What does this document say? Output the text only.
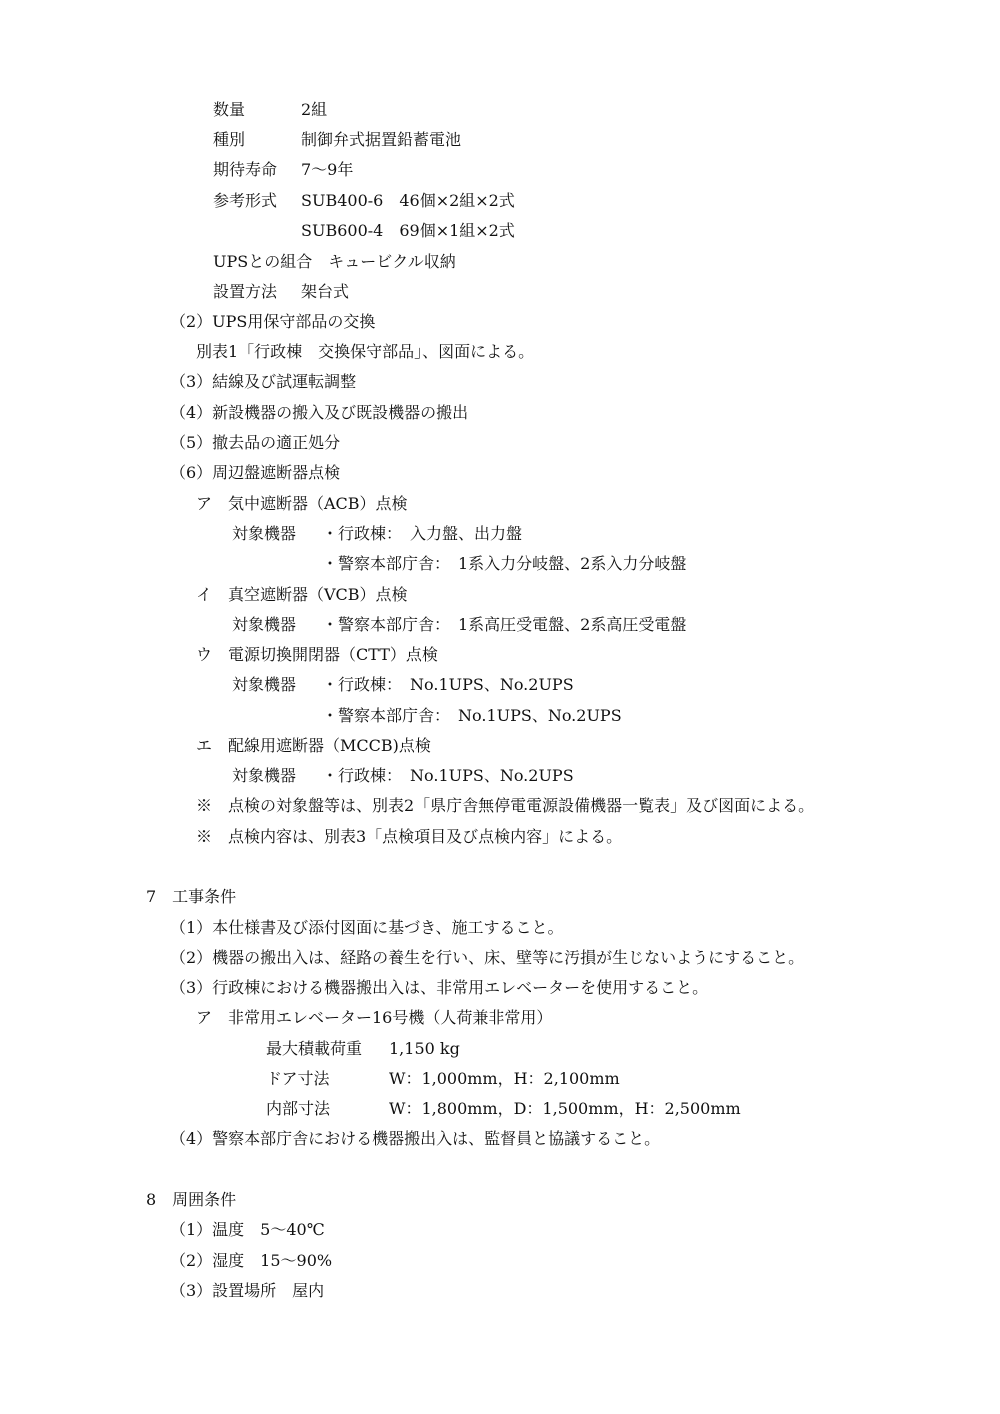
数量	2組
種別	制御弁式据置鉛蓄電池
期待寿命 7～9年
参考形式 SUB400-6　46個×2組×2式
SUB600-4　69個×1組×2式
UPSとの組合　キュービクル収納
設置方法 架台式
（2）UPS用保守部品の交換
別表1「行政棟　交換保守部品」、図面による。
（3）結線及び試運転調整
（4）新設機器の搬入及び既設機器の搬出
（5）撤去品の適正処分
（6）周辺盤遮断器点検
ア　気中遮断器（ACB）点検
対象機器 ・行政棟：　入力盤、出力盤
・警察本部庁舎：　1系入力分岐盤、2系入力分岐盤
イ　真空遮断器（VCB）点検
対象機器 ・警察本部庁舎：　1系高圧受電盤、2系高圧受電盤
ウ　電源切換開閉器（CTT）点検
対象機器 ・行政棟：　No.1UPS、No.2UPS
・警察本部庁舎：　No.1UPS、No.2UPS
エ　配線用遮断器（MCCB)点検
対象機器 ・行政棟：　No.1UPS、No.2UPS
※　点検の対象盤等は、別表2「県庁舎無停電電源設備機器一覧表」及び図面による。
※　点検内容は、別表3「点検項目及び点検内容」による。
7　工事条件
（1）本仕様書及び添付図面に基づき、施工すること。
（2）機器の搬出入は、経路の養生を行い、床、壁等に汚損が生じないようにすること。
（3）行政棟における機器搬出入は、非常用エレベーターを使用すること。
ア　非常用エレベーター16号機（人荷兼非常用）
最大積載荷重 1,150 kg
ドア寸法	W：1,000mm，H：2,100mm
内部寸法	W：1,800mm，D：1,500mm，H：2,500mm
（4）警察本部庁舎における機器搬出入は、監督員と協議すること。
8　周囲条件
（1）温度　5～40℃
（2）湿度　15～90%
（3）設置場所　屋内
